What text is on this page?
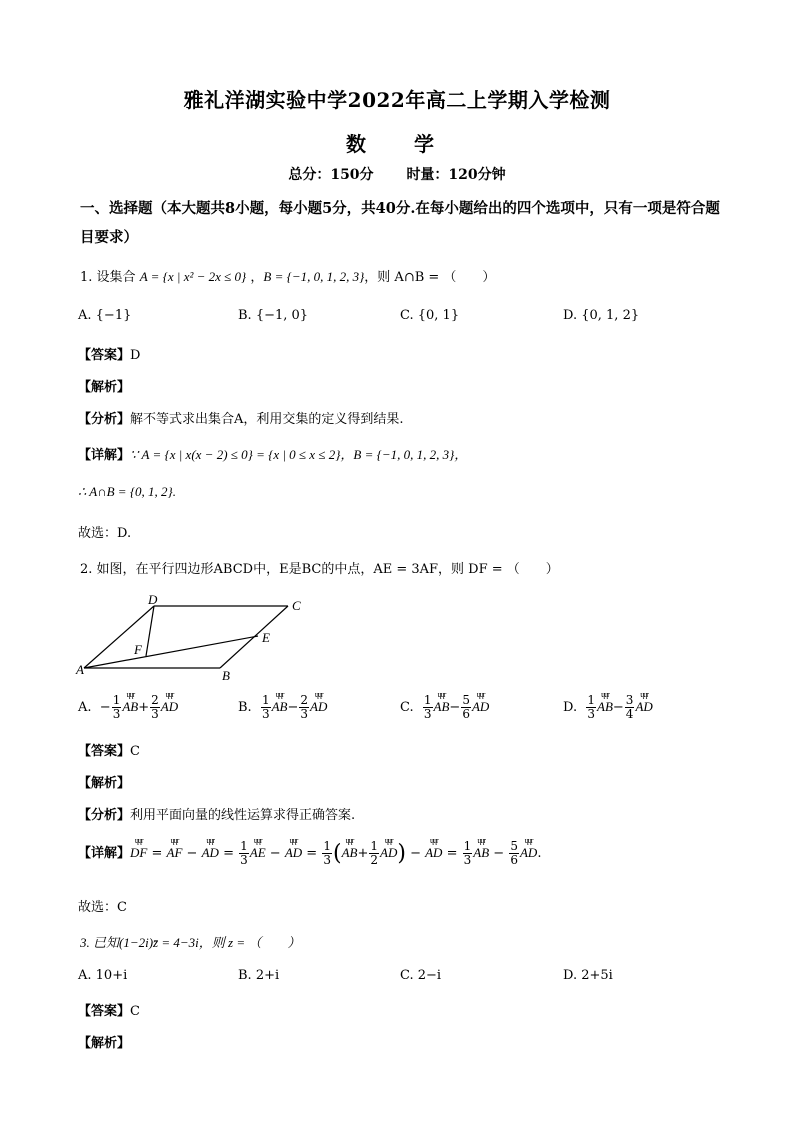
雅礼洋湖实验中学2022年高二上学期入学检测
数　学
总分：150分 时量：120分钟
一、选择题（本大题共8小题，每小题5分，共40分.在每小题给出的四个选项中，只有一项是符合题目要求）
1. 设集合 A = {x | x² − 2x ≤ 0} ，B = {−1, 0, 1, 2, 3}，则 A∩B = （　　）
A. {−1}	B. {−1, 0}	C. {0, 1}	D. {0, 1, 2}
【答案】D
【解析】
【分析】解不等式求出集合A，利用交集的定义得到结果.
【详解】∵ A = {x | x(x − 2) ≤ 0} = {x | 0 ≤ x ≤ 2}，B = {−1, 0, 1, 2, 3}，
∴ A∩B = {0, 1, 2}.
故选：D.
2. 如图，在平行四边形ABCD中，E是BC的中点，AE = 3AF，则 DF = （　　）
A	B
C
D
E
F
A.  − $\frac{1}{3}$ ɥɥr $AB+ \frac{2}{3}$ ɥɥr AD	B. $\frac{1}{3}$ ɥɥr $AB- \frac{2}{3}$ ɥɥr AD	C. $\frac{1}{3}$ ɥɥr $AB- \frac{5}{6}$ ɥɥr AD	D. $\frac{1}{3}$ ɥɥr $AB- \frac{3}{4}$ ɥɥr AD
【答案】C
【解析】
【分析】利用平面向量的线性运算求得正确答案.
【详解】ɥɥr DF = ɥɥr AF − ɥɥr AD = $\frac{1}{3}$ ɥɥr AE − ɥɥr AD = $\frac{1}{3}$ (ɥɥr $AB+ \frac{1}{2}$ ɥɥr AD) − ɥɥr AD = $\frac{1}{3}$ ɥɥr AB − $\frac{5}{6}$ ɥɥr AD.
故选：C
3. 已知(1−2i)z̄ = 4−3i，则 z = （　　）
A. 10+i	B. 2+i	C. 2−i	D. 2+5i
【答案】C
【解析】
